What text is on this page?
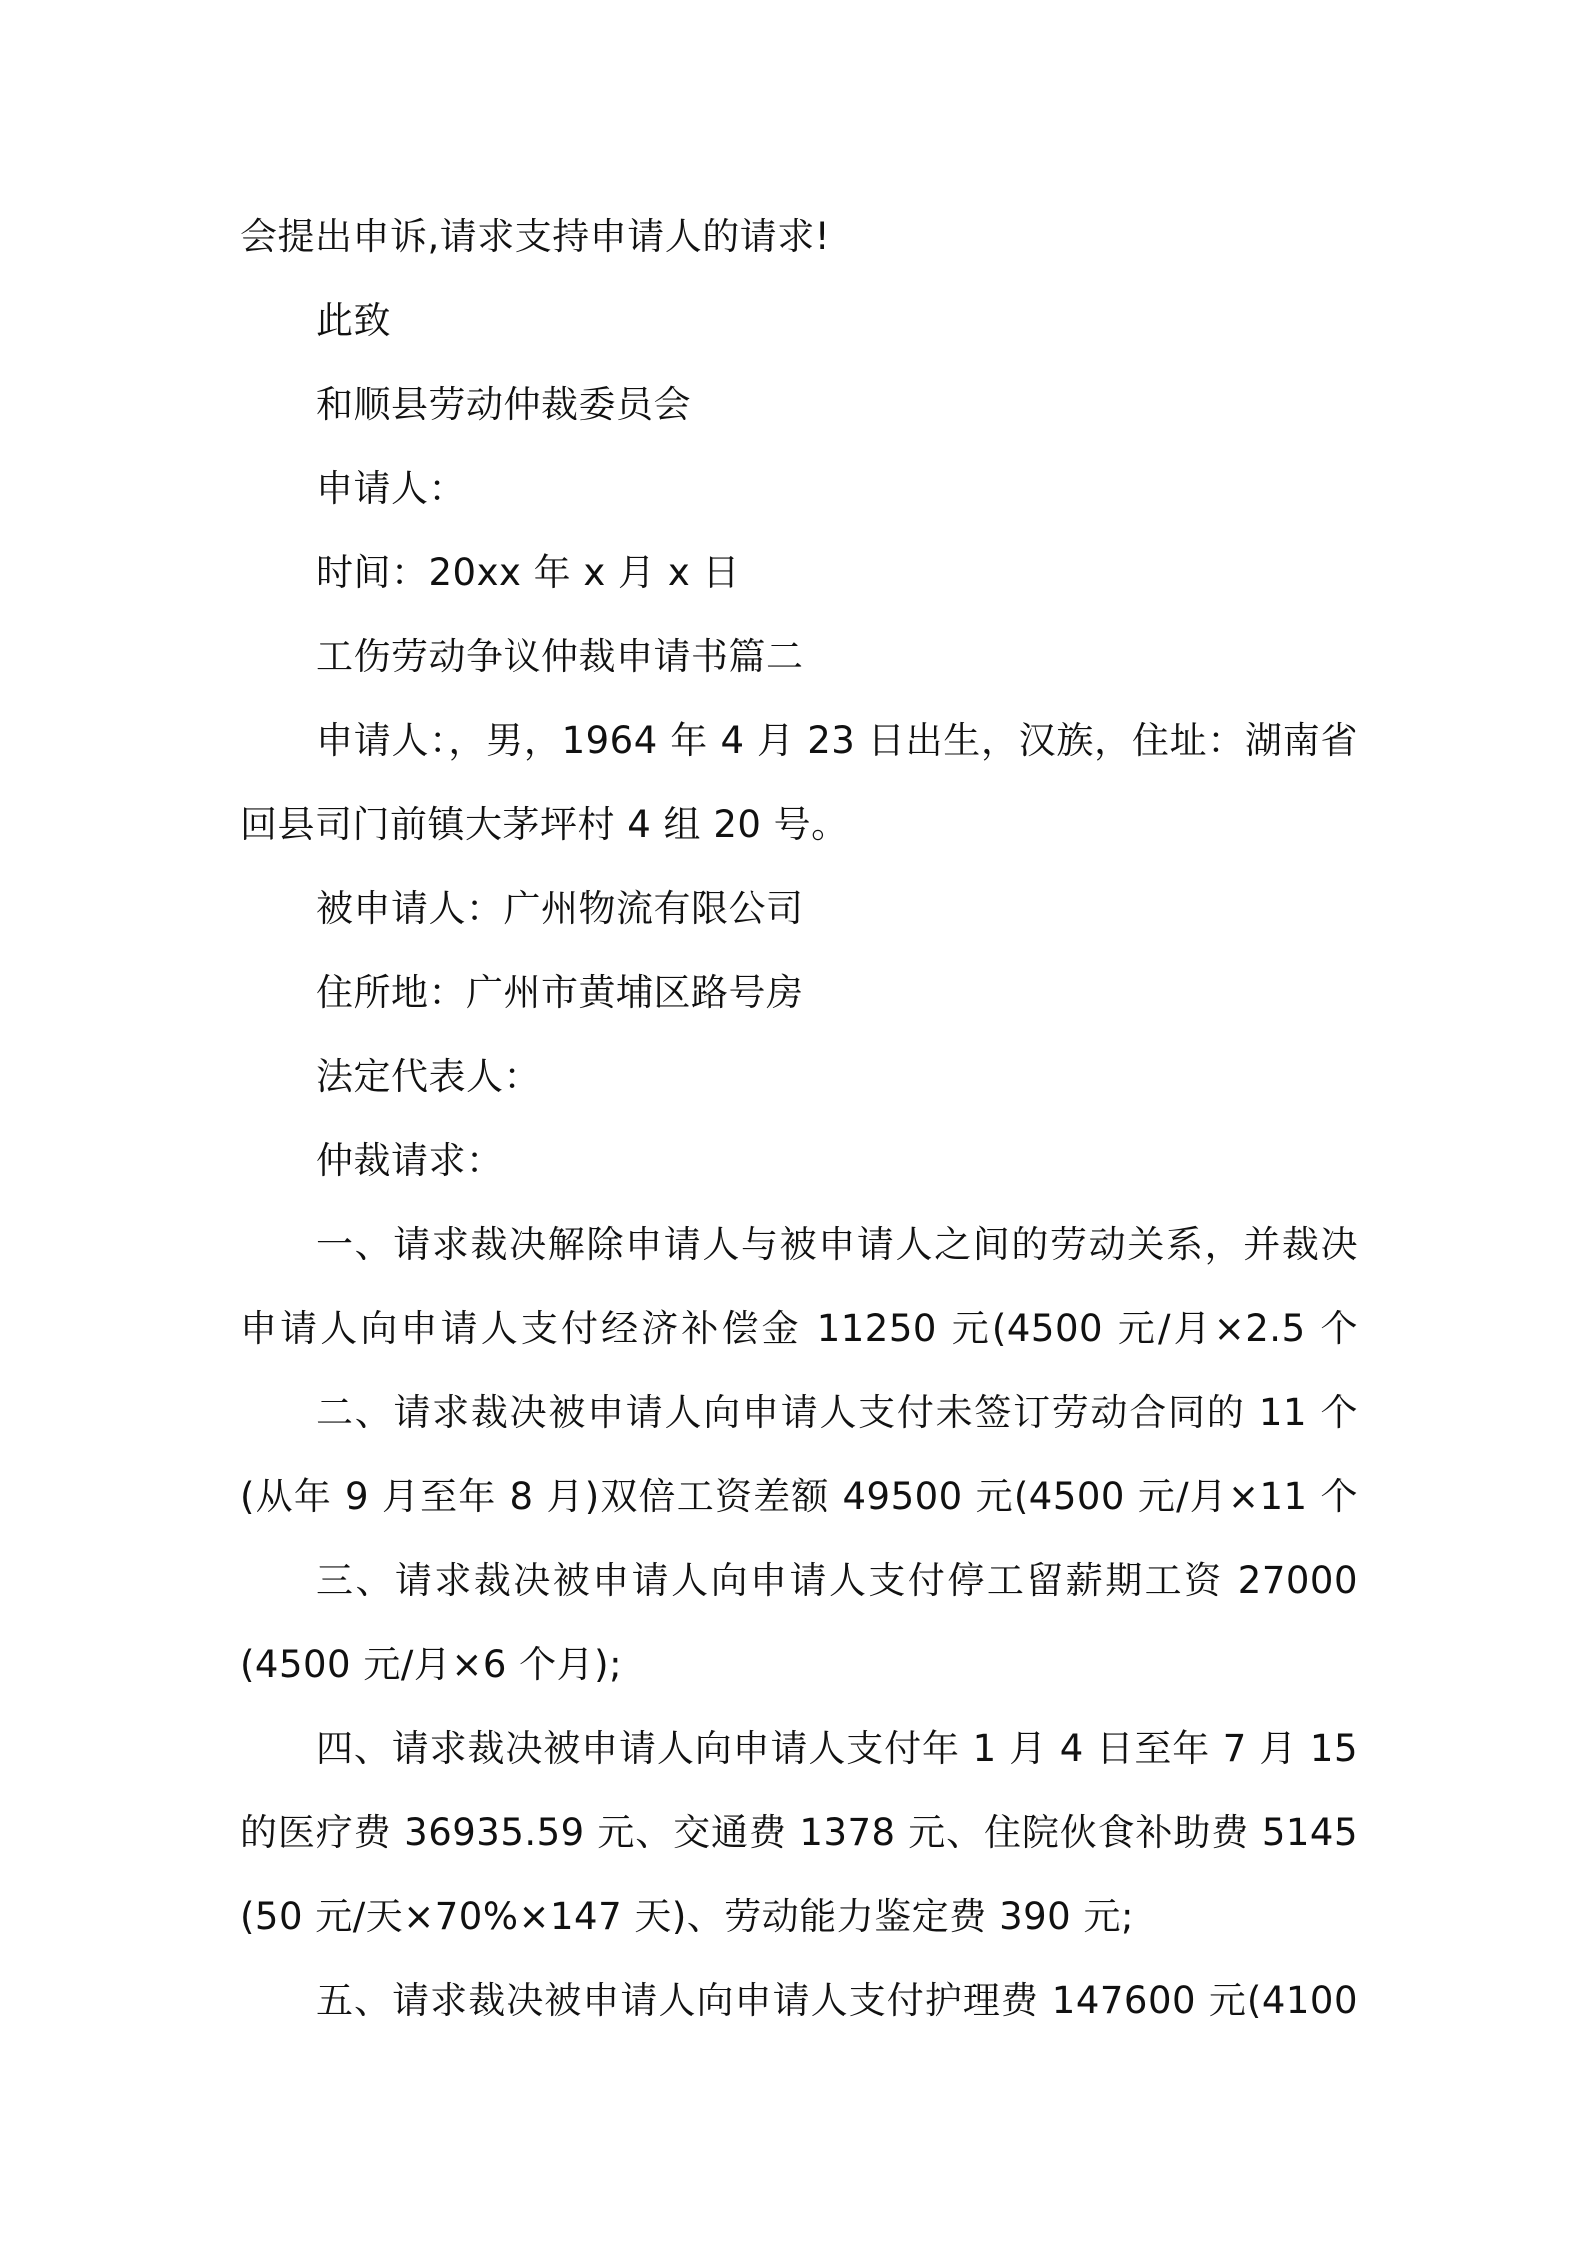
会提出申诉,请求支持申请人的请求!
此致
和顺县劳动仲裁委员会
申请人：
时间：20xx 年 x 月 x 日
工伤劳动争议仲裁申请书篇二
申请人：，男，1964 年 4 月 23 日出生，汉族，住址：湖南省
回县司门前镇大茅坪村 4 组 20 号。
被申请人：广州物流有限公司
住所地：广州市黄埔区路号房
法定代表人：
仲裁请求：
一、请求裁决解除申请人与被申请人之间的劳动关系，并裁决
申请人向申请人支付经济补偿金 11250 元(4500 元/月×2.5 个
二、请求裁决被申请人向申请人支付未签订劳动合同的 11 个
(从年 9 月至年 8 月)双倍工资差额 49500 元(4500 元/月×11 个
三、请求裁决被申请人向申请人支付停工留薪期工资 27000
(4500 元/月×6 个月);
四、请求裁决被申请人向申请人支付年 1 月 4 日至年 7 月 15
的医疗费 36935.59 元、交通费 1378 元、住院伙食补助费 5145
(50 元/天×70%×147 天)、劳动能力鉴定费 390 元;
五、请求裁决被申请人向申请人支付护理费 147600 元(4100
